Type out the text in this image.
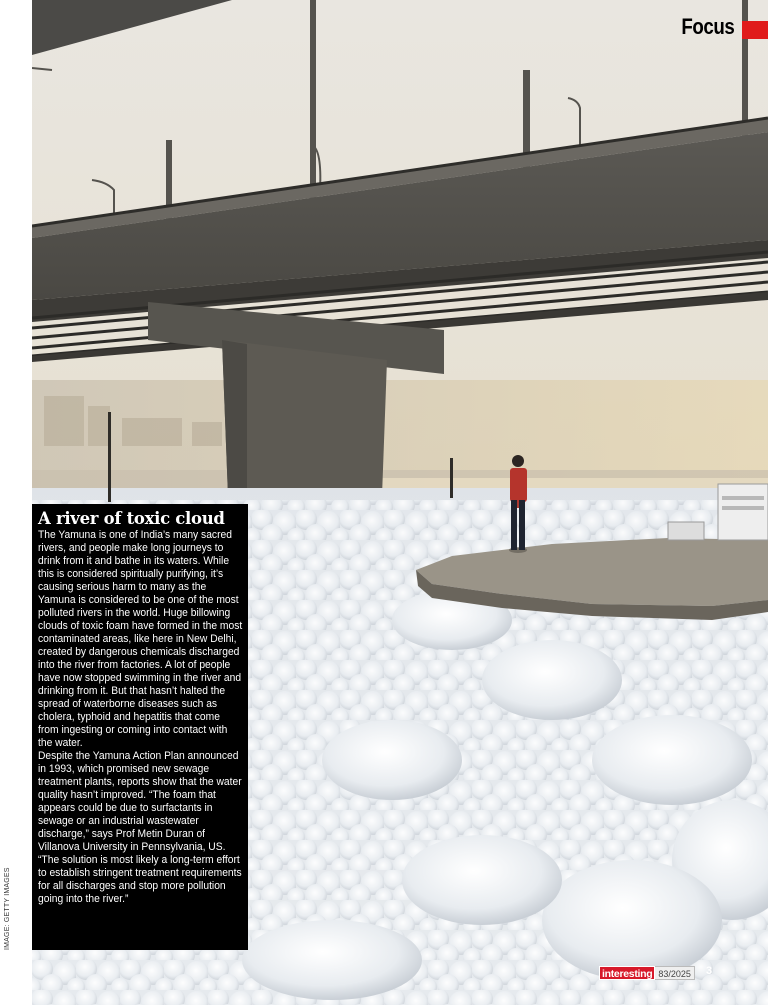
IMAGE: GETTY IMAGES
Focus
A river of toxic cloud

The Yamuna is one of India’s many sacred rivers, and people make long journeys to drink from it and bathe in its waters. While this is considered spiritually purifying, it’s causing serious harm to many as the Yamuna is considered to be one of the most polluted rivers in the world. Huge billowing clouds of toxic foam have formed in the most contaminated areas, like here in New Delhi, created by dangerous chemicals discharged into the river from factories. A lot of people have now stopped swimming in the river and drinking from it. But that hasn’t halted the spread of waterborne diseases such as cholera, typhoid and hepatitis that come from ingesting or coming into contact with the water.

Despite the Yamuna Action Plan announced in 1993, which promised new sewage treatment plants, reports show that the water quality hasn’t improved. “The foam that appears could be due to surfactants in sewage or an industrial wastewater discharge,” says Prof Metin Duran of Villanova University in Pennsylvania, US. “The solution is most likely a long-term effort to establish stringent treatment requirements for all discharges and stop more pollution going into the river.”

interesting 83/2025	3
